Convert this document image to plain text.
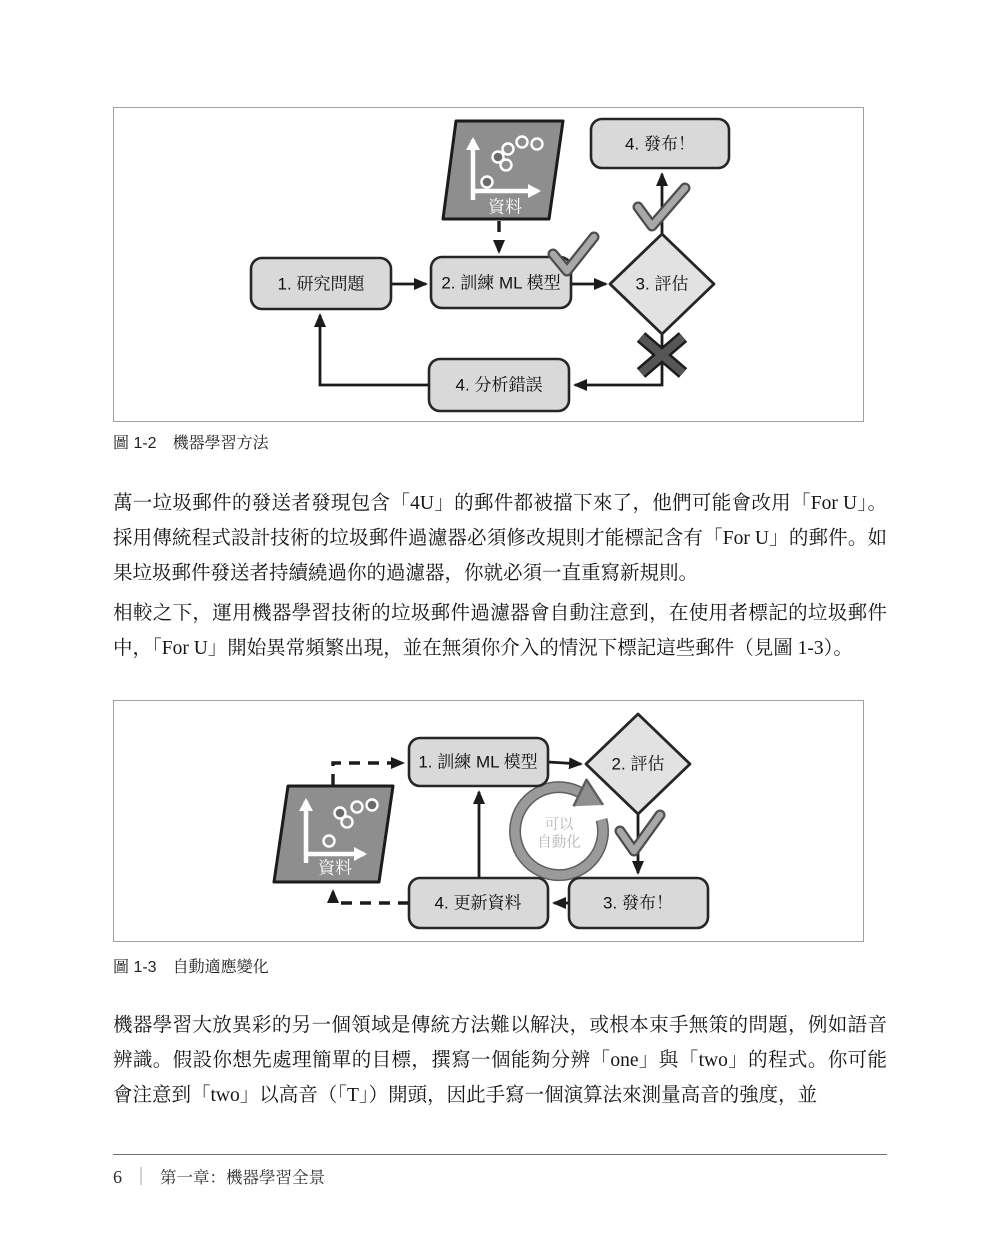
資料
4. 發布！
1. 研究問題	2. 訓練 ML 模型	3. 評估
4. 分析錯誤
圖 1-2 機器學習方法
萬一垃圾郵件的發送者發現包含「4U」的郵件都被擋下來了，他們可能會改用「For U」。採用傳統程式設計技術的垃圾郵件過濾器必須修改規則才能標記含有「For U」的郵件。如果垃圾郵件發送者持續繞過你的過濾器，你就必須一直重寫新規則。
相較之下，運用機器學習技術的垃圾郵件過濾器會自動注意到，在使用者標記的垃圾郵件中，「For U」開始異常頻繁出現，並在無須你介入的情況下標記這些郵件（見圖 1-3）。
可以
自動化
資料
1. 訓練 ML 模型	2. 評估
4. 更新資料	3. 發布！
圖 1-3 自動適應變化
機器學習大放異彩的另一個領域是傳統方法難以解決，或根本束手無策的問題，例如語音辨識。假設你想先處理簡單的目標，撰寫一個能夠分辨「one」與「two」的程式。你可能會注意到「two」以高音（「T」）開頭，因此手寫一個演算法來測量高音的強度，並
6 ｜ 第一章：機器學習全景
